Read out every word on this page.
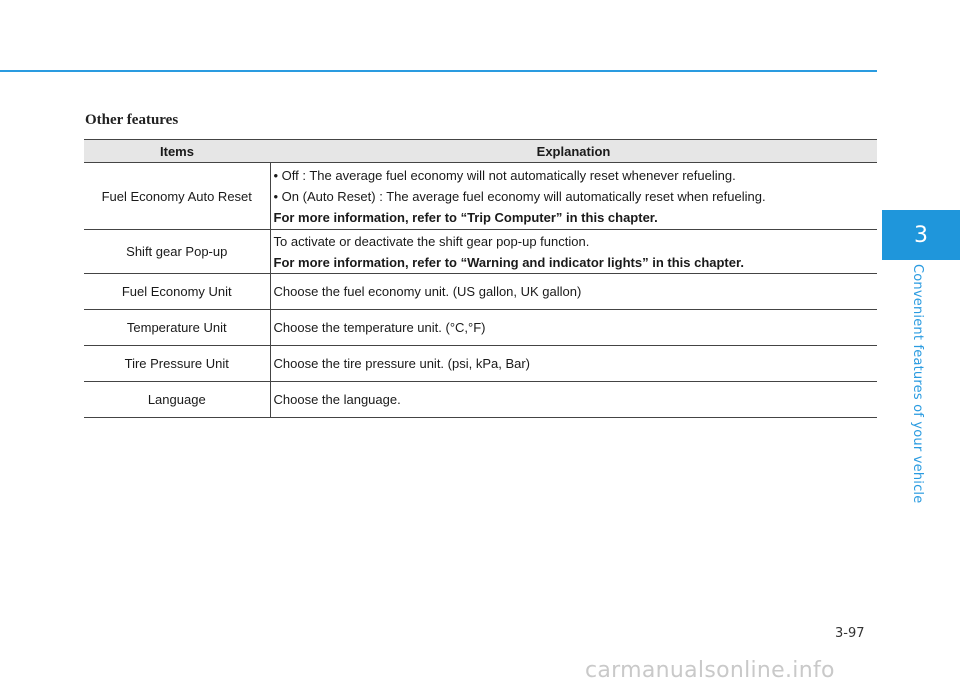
Other features
Items	Explanation
Fuel Economy Auto Reset	• Off : The average fuel economy will not automatically reset whenever refueling.
• On (Auto Reset) : The average fuel economy will automatically reset when refueling.
For more information, refer to “Trip Computer” in this chapter.

Shift gear Pop-up	To activate or deactivate the shift gear pop-up function.
For more information, refer to “Warning and indicator lights” in this chapter.

Fuel Economy Unit	Choose the fuel economy unit. (US gallon, UK gallon)

Temperature Unit	Choose the temperature unit. (°C,°F)

Tire Pressure Unit	Choose the tire pressure unit. (psi, kPa, Bar)

Language	Choose the language.
3
Convenient features of your vehicle
3-97
carmanualsonline.info
